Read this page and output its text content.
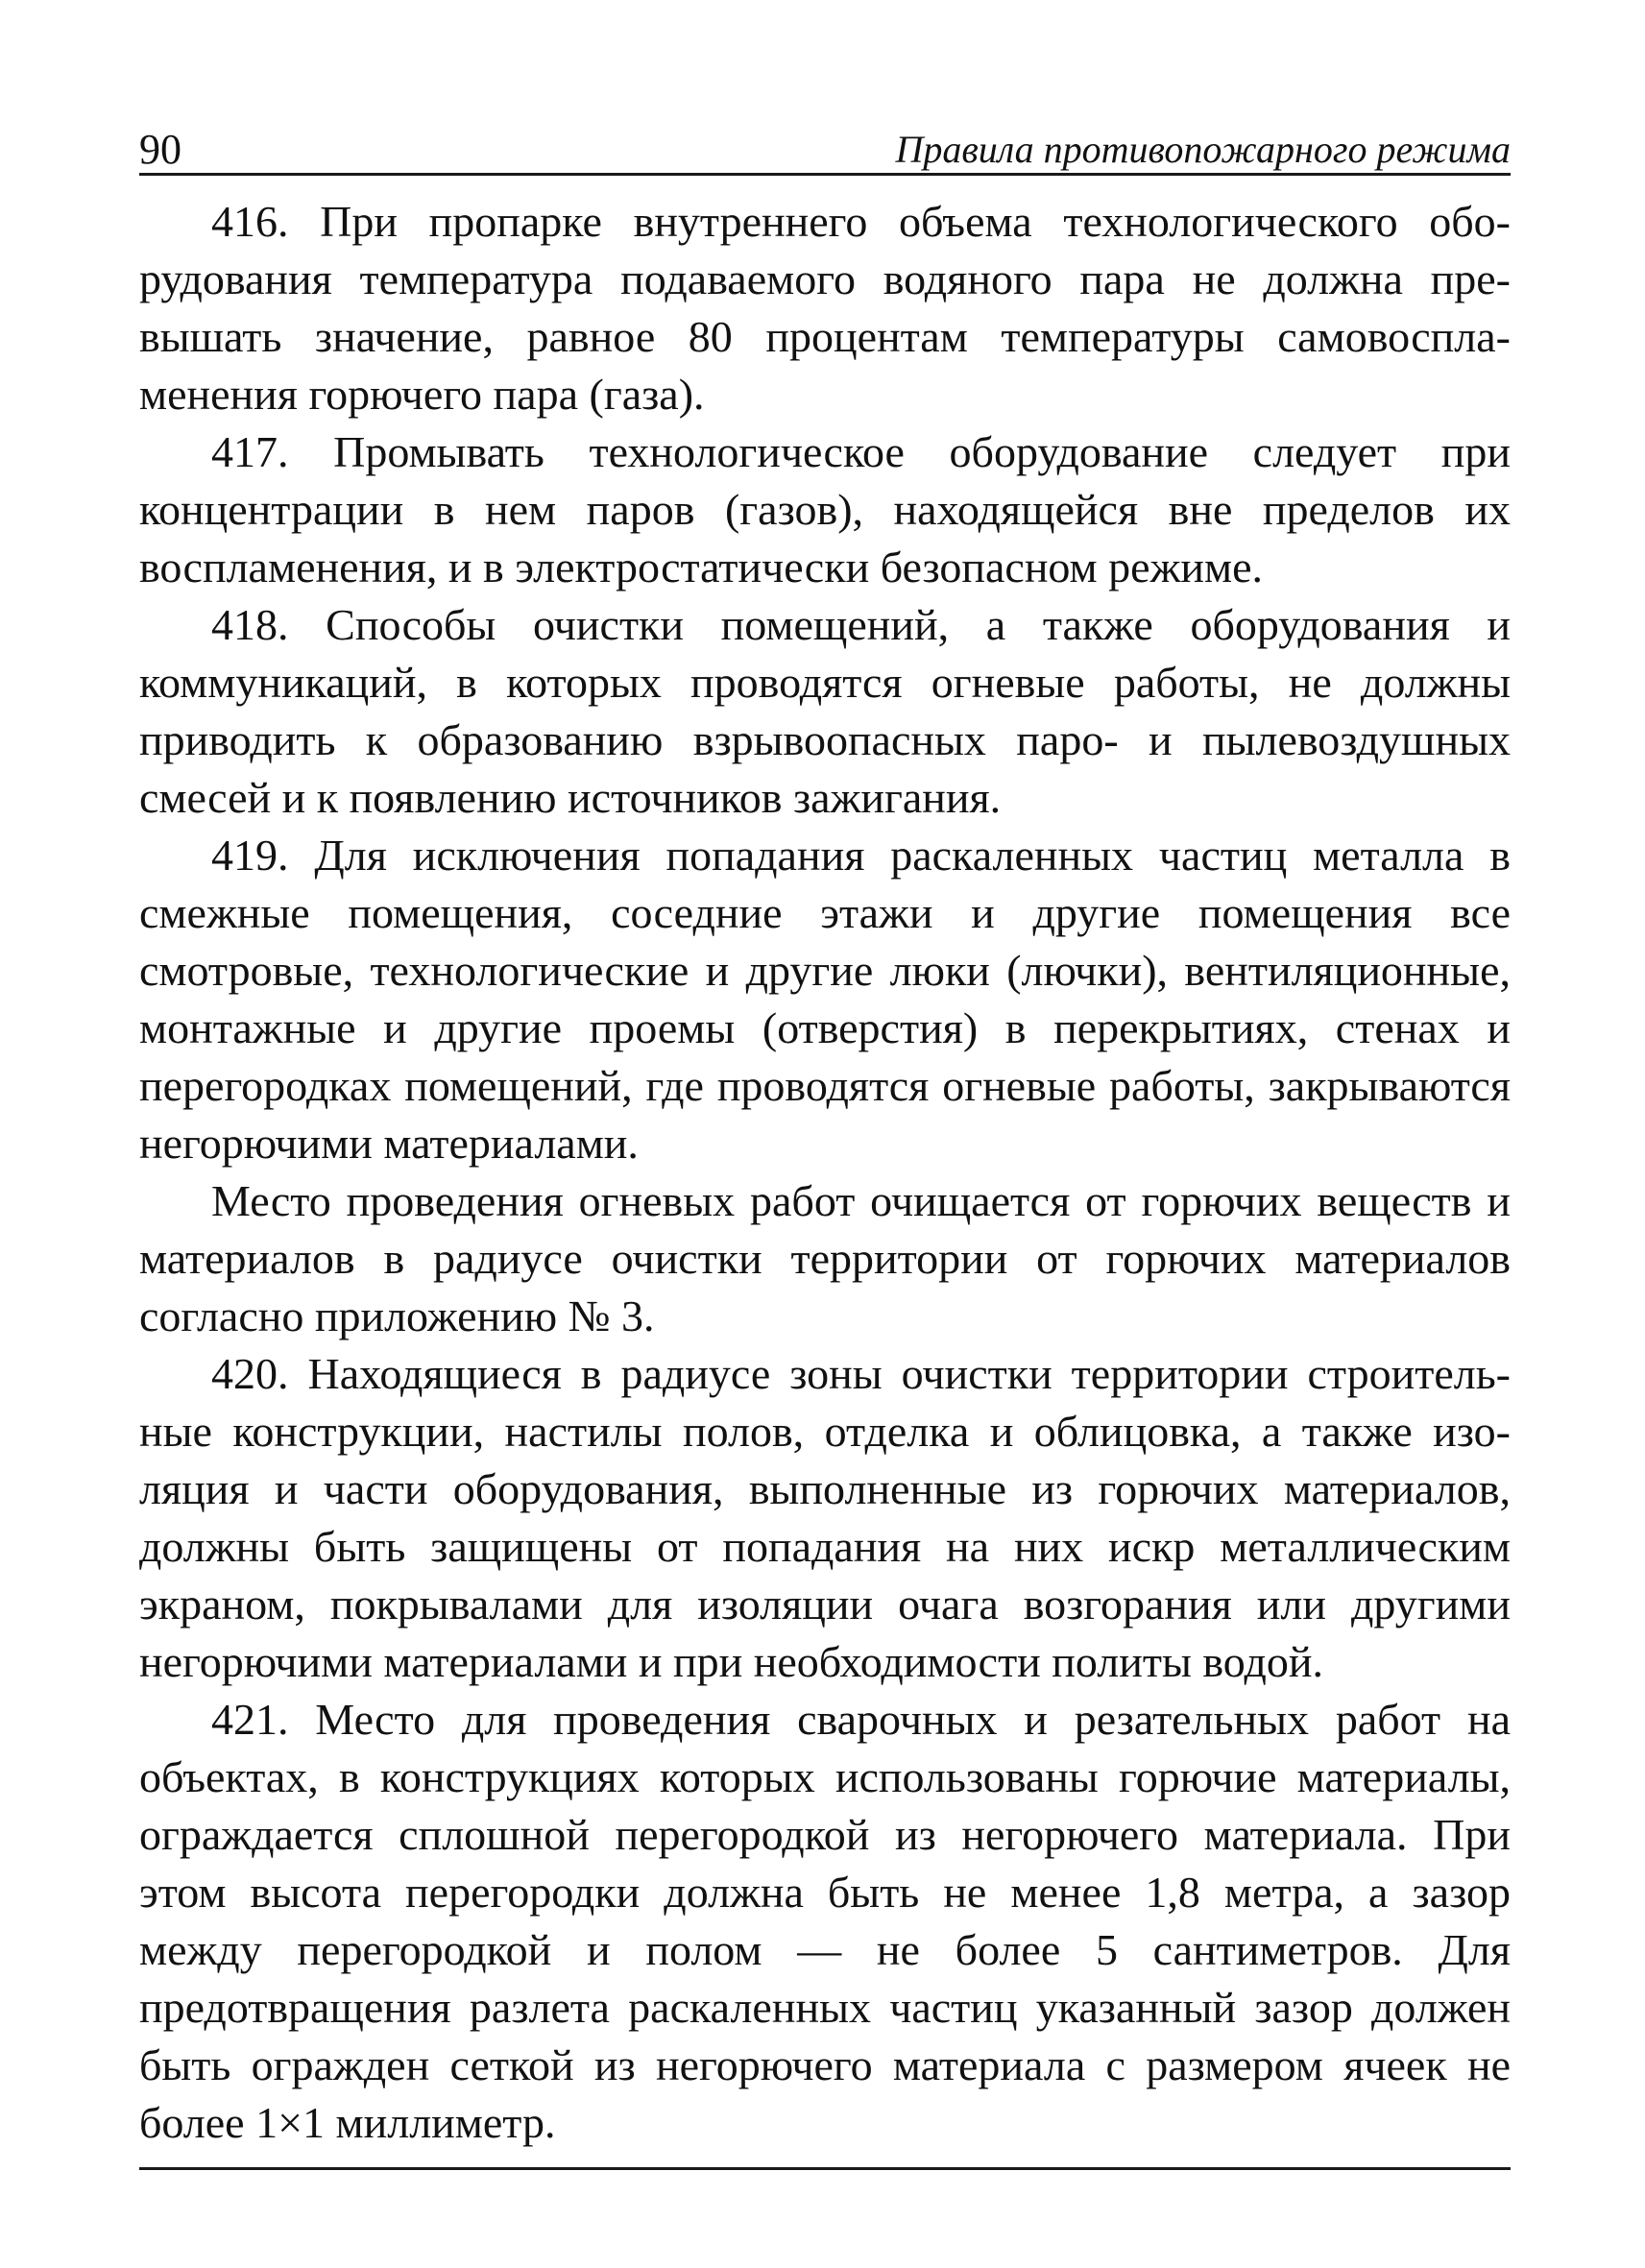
90	Правила противопожарного режима

416. При пропарке внутреннего объема технологического оборудования температура подаваемого водяного пара не должна превышать значение, равное 80 процентам температуры самовоспламенения горючего пара (газа).

417. Промывать технологическое оборудование следует при концентрации в нем паров (газов), находящейся вне пределов их воспламенения, и в электростатически безопасном режиме.

418. Способы очистки помещений, а также оборудования и коммуникаций, в которых проводятся огневые работы, не должны приводить к образованию взрывоопасных паро- и пылевоздушных смесей и к появлению источников зажигания.

419. Для исключения попадания раскаленных частиц металла в смежные помещения, соседние этажи и другие помещения все смотровые, технологические и другие люки (лючки), вентиляционные, монтажные и другие проемы (отверстия) в перекрытиях, стенах и перегородках помещений, где проводятся огневые работы, закрываются негорючими материалами.

Место проведения огневых работ очищается от горючих веществ и материалов в радиусе очистки территории от горючих материалов согласно приложению № 3.

420. Находящиеся в радиусе зоны очистки территории строительные конструкции, настилы полов, отделка и облицовка, а также изоляция и части оборудования, выполненные из горючих материалов, должны быть защищены от попадания на них искр металлическим экраном, покрывалами для изоляции очага возгорания или другими негорючими материалами и при необходимости политы водой.

421. Место для проведения сварочных и резательных работ на объектах, в конструкциях которых использованы горючие материалы, ограждается сплошной перегородкой из негорючего материала. При этом высота перегородки должна быть не менее 1,8 метра, а зазор между перегородкой и полом — не более 5 сантиметров. Для предотвращения разлета раскаленных частиц указанный зазор должен быть огражден сеткой из негорючего материала с размером ячеек не более 1×1 миллиметр.
